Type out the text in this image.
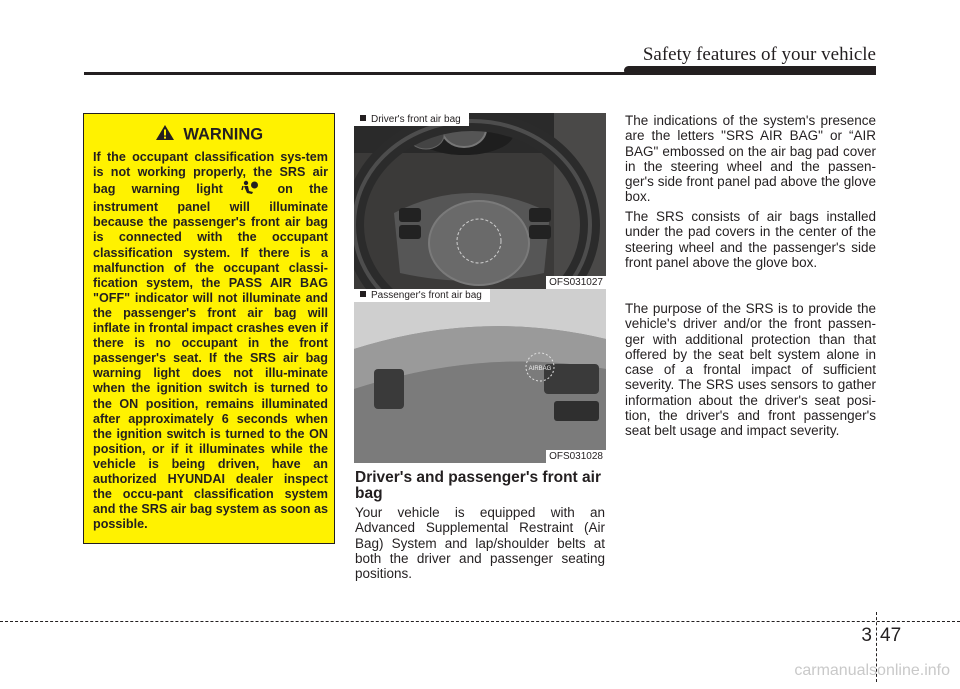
Safety features of your vehicle
WARNING

If the occupant classification sys-tem is not working properly, the SRS air bag warning light	on the instrument panel will illuminate because the passenger's front air bag is connected with the occupant classification system. If there is a malfunction of the occupant classi-fication system, the PASS AIR BAG "OFF" indicator will not illuminate and the passenger's front air bag will inflate in frontal impact crashes even if there is no occupant in the front passenger's seat. If the SRS air bag warning light does not illu-minate when the ignition switch is turned to the ON position, remains illuminated after approximately 6 seconds when the ignition switch is turned to the ON position, or if it illuminates while the vehicle is being driven, have an authorized HYUNDAI dealer inspect the occu-pant classification system and the SRS air bag system as soon as possible.

Driver's front air bag
OFS031027
AIRBAG
Passenger's front air bag
OFS031028
Driver's and passenger's front air bag

Your vehicle is equipped with an Advanced Supplemental Restraint (Air Bag) System and lap/shoulder belts at both the driver and passenger seating positions.

The indications of the system's presence are the letters "SRS AIR BAG" or “AIR BAG" embossed on the air bag pad cover in the steering wheel and the passen-ger's side front panel pad above the glove box.

The SRS consists of air bags installed under the pad covers in the center of the steering wheel and the passenger's side front panel above the glove box.

The purpose of the SRS is to provide the vehicle's driver and/or the front passen-ger with additional protection than that offered by the seat belt system alone in case of a frontal impact of sufficient severity. The SRS uses sensors to gather information about the driver's seat posi-tion, the driver's and front passenger's seat belt usage and impact severity.

3 47
carmanualsonline.info
